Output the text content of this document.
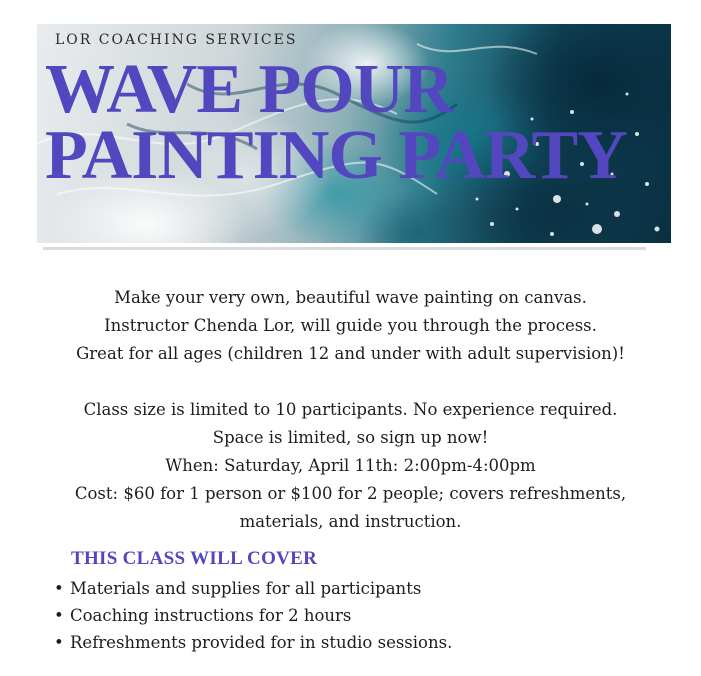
LOR COACHING SERVICES
WAVE POUR
PAINTING PARTY

Make your very own, beautiful wave painting on canvas.

Instructor Chenda Lor, will guide you through the process.

Great for all ages (children 12 and under with adult supervision)!

Class size is limited to 10 participants. No experience required.

Space is limited, so sign up now!

When: Saturday, April 11th: 2:00pm-4:00pm

Cost: $60 for 1 person or $100 for 2 people; covers refreshments,

materials, and instruction.

THIS CLASS WILL COVER
• Materials and supplies for all participants
• Coaching instructions for 2 hours
• Refreshments provided for in studio sessions.
